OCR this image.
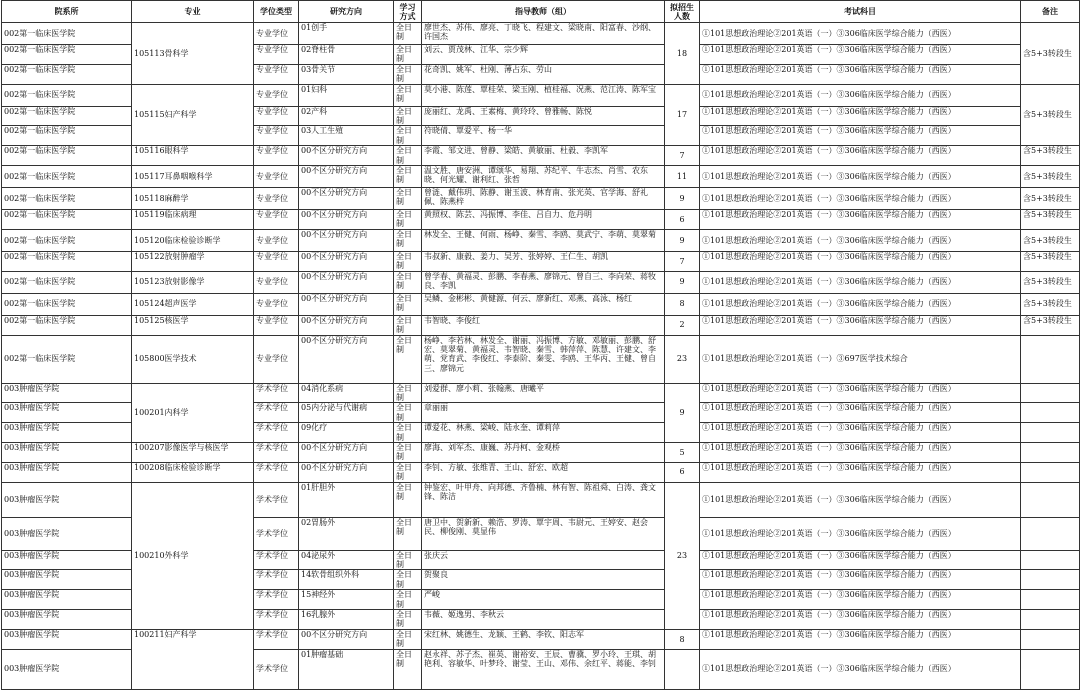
院系所	专业	学位类型	研究方向	学习方式	指导教师（组）	拟招生人数	考试科目	备注
002第一临床医学院	105113骨科学	专业学位	01创手	全日制	廖世杰、苏伟、廖亮、丁晓飞、程建文、梁晓南、阳富春、沙纲、许国杰	18	①101思想政治理论②201英语（一）③306临床医学综合能力（西医）	含5+3转段生
002第一临床医学院		专业学位	02脊柱骨	全日制	刘云、贾茂林、江华、宗少辉		①101思想政治理论②201英语（一）③306临床医学综合能力（西医）	
002第一临床医学院		专业学位	03骨关节	全日制	花奇凯、姚军、杜刚、薄占东、劳山		①101思想政治理论②201英语（一）③306临床医学综合能力（西医）	
002第一临床医学院	105115妇产科学	专业学位	01妇科	全日制	莫小港、陈莲、覃桂荣、梁玉刚、植桂福、况燕、范江涛、陈军宝	17	①101思想政治理论②201英语（一）③306临床医学综合能力（西医）	含5+3转段生
002第一临床医学院		专业学位	02产科	全日制	庞丽红、龙禹、王素梅、黄玲玲、曾雅畅、陈悦		①101思想政治理论②201英语（一）③306临床医学综合能力（西医）	
002第一临床医学院		专业学位	03人工生殖	全日制	符晓倩、覃爱平、杨一华		①101思想政治理论②201英语（一）③306临床医学综合能力（西医）	
002第一临床医学院	105116眼科学	专业学位	00不区分研究方向	全日制	李霞、邹文进、曾静、梁皓、黄敏丽、杜毅、李凯军	7	①101思想政治理论②201英语（一）③306临床医学综合能力（西医）	含5+3转段生
002第一临床医学院	105117耳鼻咽喉科学	专业学位	00不区分研究方向	全日制	温文胜、唐安洲、谭颂华、易翔、苏纪平、牛志杰、肖雪、农东晓、何光耀、谢利红、张哲	11	①101思想政治理论②201英语（一）③306临床医学综合能力（西医）	含5+3转段生
002第一临床医学院	105118麻醉学	专业学位	00不区分研究方向	全日制	曾涟、戴伟玥、陈静、谢玉波、林育南、张光英、官学海、舒礼佩、陈燕梓	9	①101思想政治理论②201英语（一）③306临床医学综合能力（西医）	含5+3转段生
002第一临床医学院	105119临床病理	专业学位	00不区分研究方向	全日制	黄照权、陈芸、冯振博、李佳、吕自力、危丹明	6	①101思想政治理论②201英语（一）③306临床医学综合能力（西医）	含5+3转段生
002第一临床医学院	105120临床检验诊断学	专业学位	00不区分研究方向	全日制	林发全、王健、何雨、杨峥、秦雪、李鸥、莫武宁、李萌、莫翠菊	9	①101思想政治理论②201英语（一）③306临床医学综合能力（西医）	含5+3转段生
002第一临床医学院	105122放射肿瘤学	专业学位	00不区分研究方向	全日制	韦叔新、康毅、姜力、吴芳、张婷婷、王仁生、胡凯	7	①101思想政治理论②201英语（一）③306临床医学综合能力（西医）	含5+3转段生
002第一临床医学院	105123放射影像学	专业学位	00不区分研究方向	全日制	曾学春、黄福灵、彭鹏、李春燕、廖锦元、曾自三、李向荣、蒋牧良、李凯	9	①101思想政治理论②201英语（一）③306临床医学综合能力（西医）	含5+3转段生
002第一临床医学院	105124超声医学	专业学位	00不区分研究方向	全日制	吴鳞、金彬彬、黄健源、何云、廖新红、邓燕、高泳、杨红	8	①101思想政治理论②201英语（一）③306临床医学综合能力（西医）	含5+3转段生
002第一临床医学院	105125核医学	专业学位	00不区分研究方向	全日制	韦智晓、李俊红	2	①101思想政治理论②201英语（一）③306临床医学综合能力（西医）	含5+3转段生
002第一临床医学院	105800医学技术	专业学位	00不区分研究方向	全日制	杨峥、李若林、林发全、谢丽、冯振博、方敏、邓敏丽、彭鹏、舒宏、莫翠菊、黄福灵、韦智晓、秦雪、韩萍萍、陈慧、许建文、李萌、党育武、李俊红、李泰阶、秦雯、李鸥、王华丙、王健、曾自三、廖锦元	23	①101思想政治理论②201英语（一）③697医学技术综合	
003肿瘤医学院	100201内科学	学术学位	04消化系病	全日制	刘爱群、廖小莉、张翰燕、唐曦平	9	①101思想政治理论②201英语（一）③306临床医学综合能力（西医）	
003肿瘤医学院		学术学位	05内分泌与代谢病	全日制	章丽丽		①101思想政治理论②201英语（一）③306临床医学综合能力（西医）	
003肿瘤医学院		学术学位	09化疗	全日制	谭爱花、林燕、梁峻、陆永奎、谭莉萍		①101思想政治理论②201英语（一）③306临床医学综合能力（西医）	
003肿瘤医学院	100207影像医学与核医学	学术学位	00不区分研究方向	全日制	廖海、刘军杰、康巍、苏丹柯、金观桥	5	①101思想政治理论②201英语（一）③306临床医学综合能力（西医）	
003肿瘤医学院	100208临床检验诊断学	学术学位	00不区分研究方向	全日制	李钊、方敏、张维青、王山、舒宏、欧超	6	①101思想政治理论②201英语（一）③306临床医学综合能力（西医）	
003肿瘤医学院	100210外科学	学术学位	01肝胆外	全日制	钟鉴宏、叶甲舟、向邦德、齐鲁楠、林有智、陈祖舜、白涛、龚文锋、陈洁	23	①101思想政治理论②201英语（一）③306临床医学综合能力（西医）	
003肿瘤医学院		学术学位	02胃肠外	全日制	唐卫中、贺新新、赖浩、罗涛、覃宇周、韦尉元、王婷安、赵会民、柳俊刚、莫显伟		①101思想政治理论②201英语（一）③306临床医学综合能力（西医）	
003肿瘤医学院		学术学位	04泌尿外	全日制	张庆云		①101思想政治理论②201英语（一）③306临床医学综合能力（西医）	
003肿瘤医学院		学术学位	14软骨组织外科	全日制	贺聚良		①101思想政治理论②201英语（一）③306临床医学综合能力（西医）	
003肿瘤医学院		学术学位	15神经外	全日制	严峻		①101思想政治理论②201英语（一）③306临床医学综合能力（西医）	
003肿瘤医学院		学术学位	16乳腺外	全日制	韦薇、姬逸男、李秋云		①101思想政治理论②201英语（一）③306临床医学综合能力（西医）	
003肿瘤医学院	100211妇产科学	学术学位	00不区分研究方向	全日制	宋红林、姚德生、龙颖、王鹤、李钦、阳志军	8	①101思想政治理论②201英语（一）③306临床医学综合能力（西医）	
003肿瘤医学院		学术学位	01肿瘤基础	全日制	赵永祥、苏子杰、崔英、谢裕安、王辰、曹骥、罗小玲、王琪、胡艳利、容敏华、叶梦玲、谢莹、王山、邓伟、余红平、蒋能、李钊		①101思想政治理论②201英语（一）③306临床医学综合能力（西医）	
